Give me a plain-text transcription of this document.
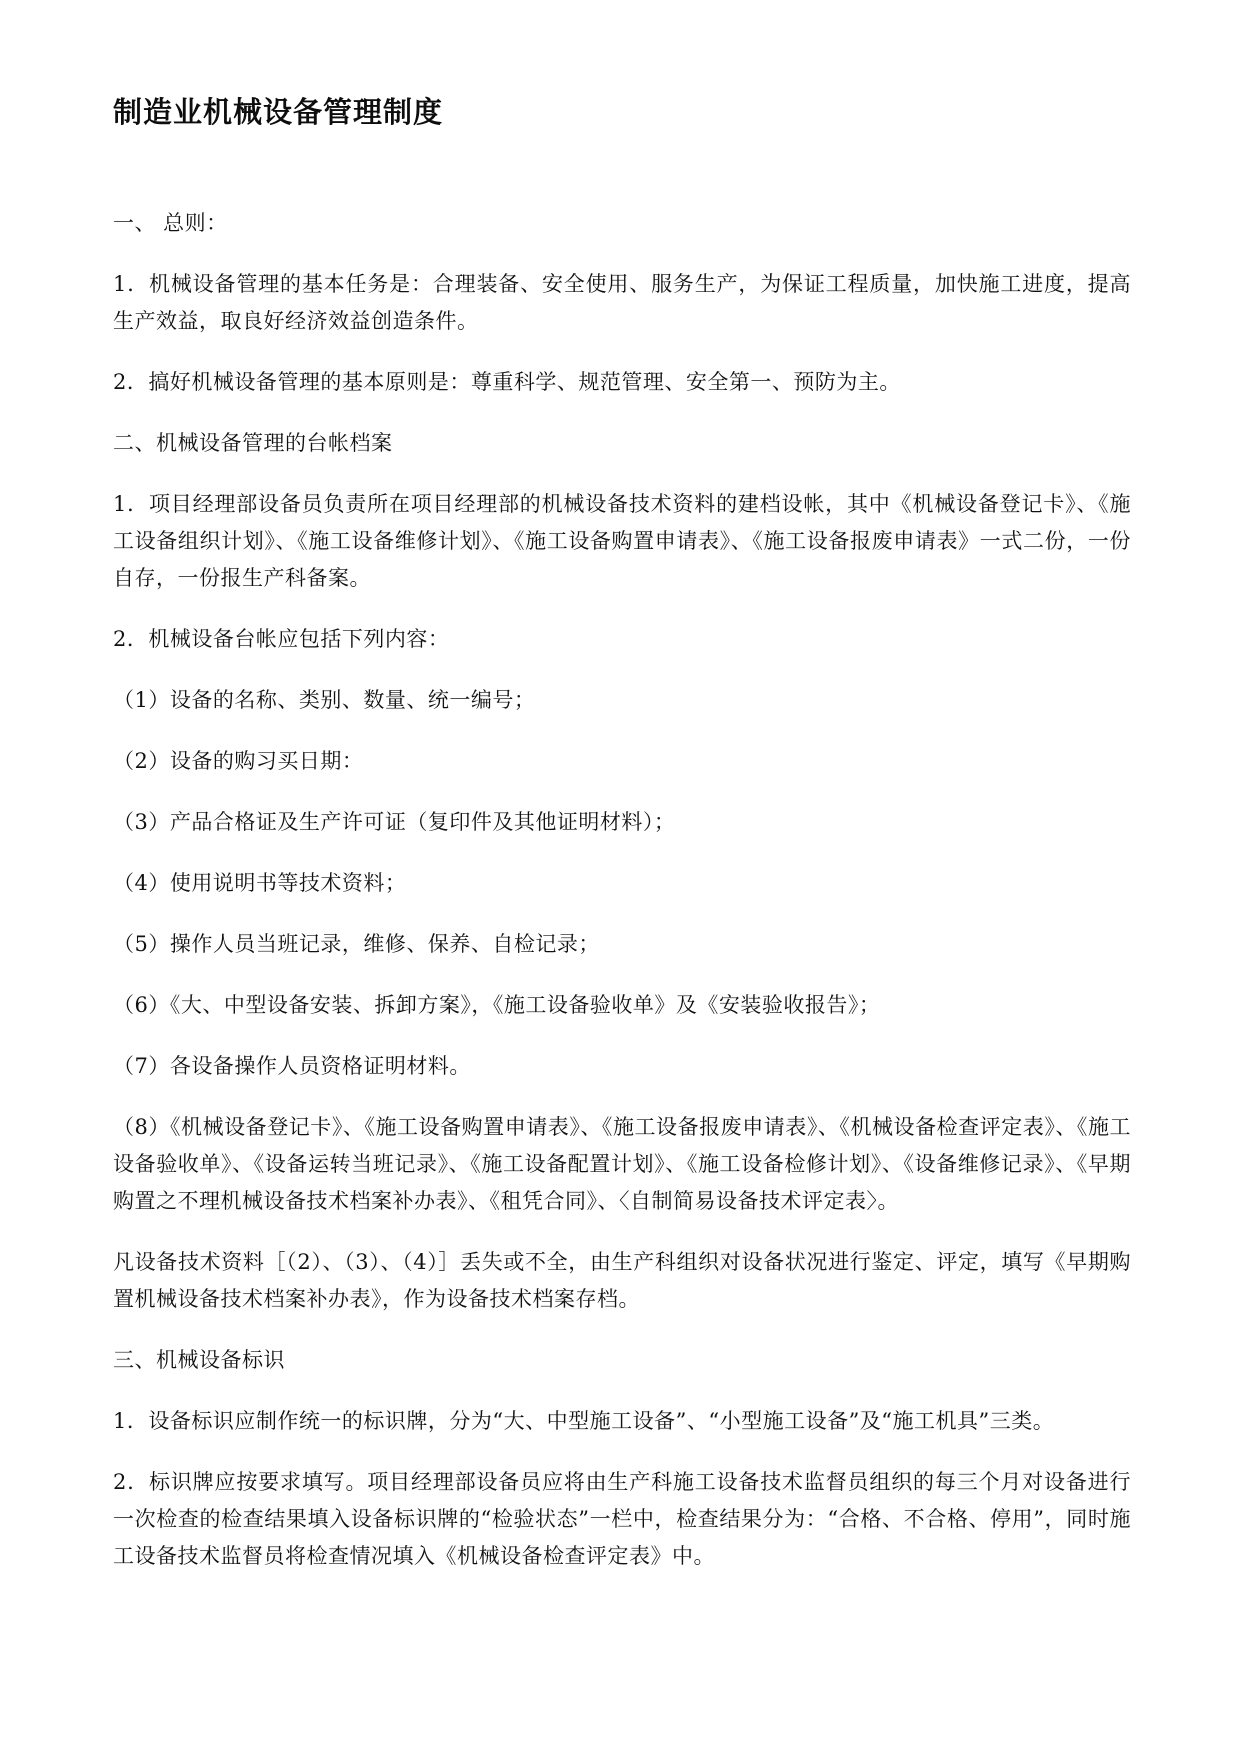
制造业机械设备管理制度

一、 总则：

1．机械设备管理的基本任务是：合理装备、安全使用、服务生产，为保证工程质量，加快施工进度，提高生产效益，取良好经济效益创造条件。

2．搞好机械设备管理的基本原则是：尊重科学、规范管理、安全第一、预防为主。

二、机械设备管理的台帐档案

1．项目经理部设备员负责所在项目经理部的机械设备技术资料的建档设帐，其中《机械设备登记卡》、《施工设备组织计划》、《施工设备维修计划》、《施工设备购置申请表》、《施工设备报废申请表》一式二份，一份自存，一份报生产科备案。

2．机械设备台帐应包括下列内容：

（1）设备的名称、类别、数量、统一编号；

（2）设备的购习买日期：

（3）产品合格证及生产许可证（复印件及其他证明材料）；

（4）使用说明书等技术资料；

（5）操作人员当班记录，维修、保养、自检记录；

（6）《大、中型设备安装、拆卸方案》，《施工设备验收单》及《安装验收报告》；

（7）各设备操作人员资格证明材料。

（8）《机械设备登记卡》、《施工设备购置申请表》、《施工设备报废申请表》、《机械设备检查评定表》、《施工设备验收单》、《设备运转当班记录》、《施工设备配置计划》、《施工设备检修计划》、《设备维修记录》、《早期购置之不理机械设备技术档案补办表》、《租凭合同》、〈自制简易设备技术评定表〉。

凡设备技术资料［（2）、（3）、（4）］丢失或不全，由生产科组织对设备状况进行鉴定、评定，填写《早期购置机械设备技术档案补办表》，作为设备技术档案存档。

三、机械设备标识

1．设备标识应制作统一的标识牌，分为“大、中型施工设备”、“小型施工设备”及“施工机具”三类。

2．标识牌应按要求填写。项目经理部设备员应将由生产科施工设备技术监督员组织的每三个月对设备进行一次检查的检查结果填入设备标识牌的“检验状态”一栏中，检查结果分为：“合格、不合格、停用”，同时施工设备技术监督员将检查情况填入《机械设备检查评定表》中。
